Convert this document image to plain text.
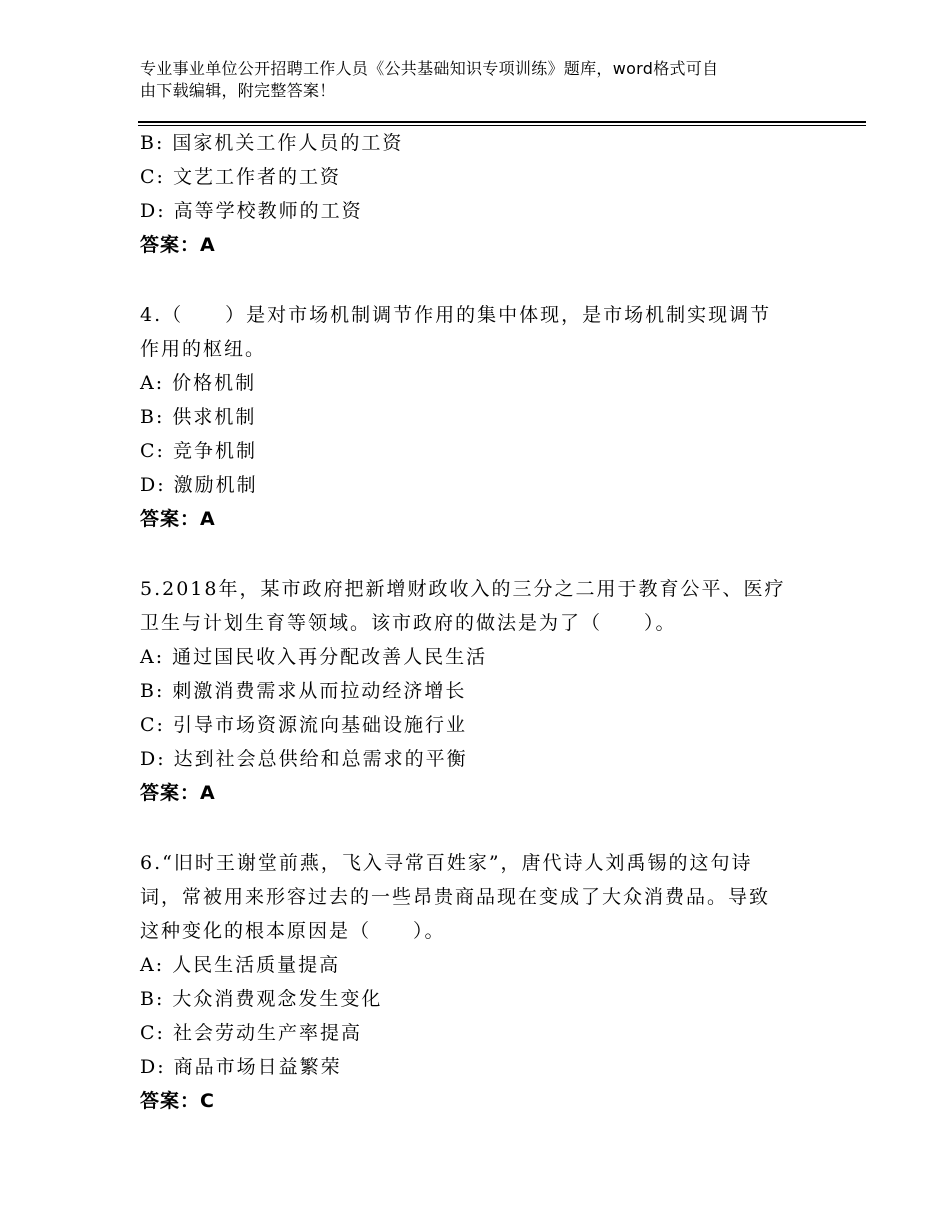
专业事业单位公开招聘工作人员《公共基础知识专项训练》题库，word格式可自
由下载编辑，附完整答案！
B: 国家机关工作人员的工资
C: 文艺工作者的工资
D: 高等学校教师的工资
答案：A
4.（　　）是对市场机制调节作用的集中体现，是市场机制实现调节
作用的枢纽。
A: 价格机制
B: 供求机制
C: 竞争机制
D: 激励机制
答案：A
5.2018年，某市政府把新增财政收入的三分之二用于教育公平、医疗
卫生与计划生育等领域。该市政府的做法是为了（　　）。
A: 通过国民收入再分配改善人民生活
B: 刺激消费需求从而拉动经济增长
C: 引导市场资源流向基础设施行业
D: 达到社会总供给和总需求的平衡
答案：A
6.“旧时王谢堂前燕，飞入寻常百姓家”，唐代诗人刘禹锡的这句诗
词，常被用来形容过去的一些昂贵商品现在变成了大众消费品。导致
这种变化的根本原因是（　　）。
A: 人民生活质量提高
B: 大众消费观念发生变化
C: 社会劳动生产率提高
D: 商品市场日益繁荣
答案：C
